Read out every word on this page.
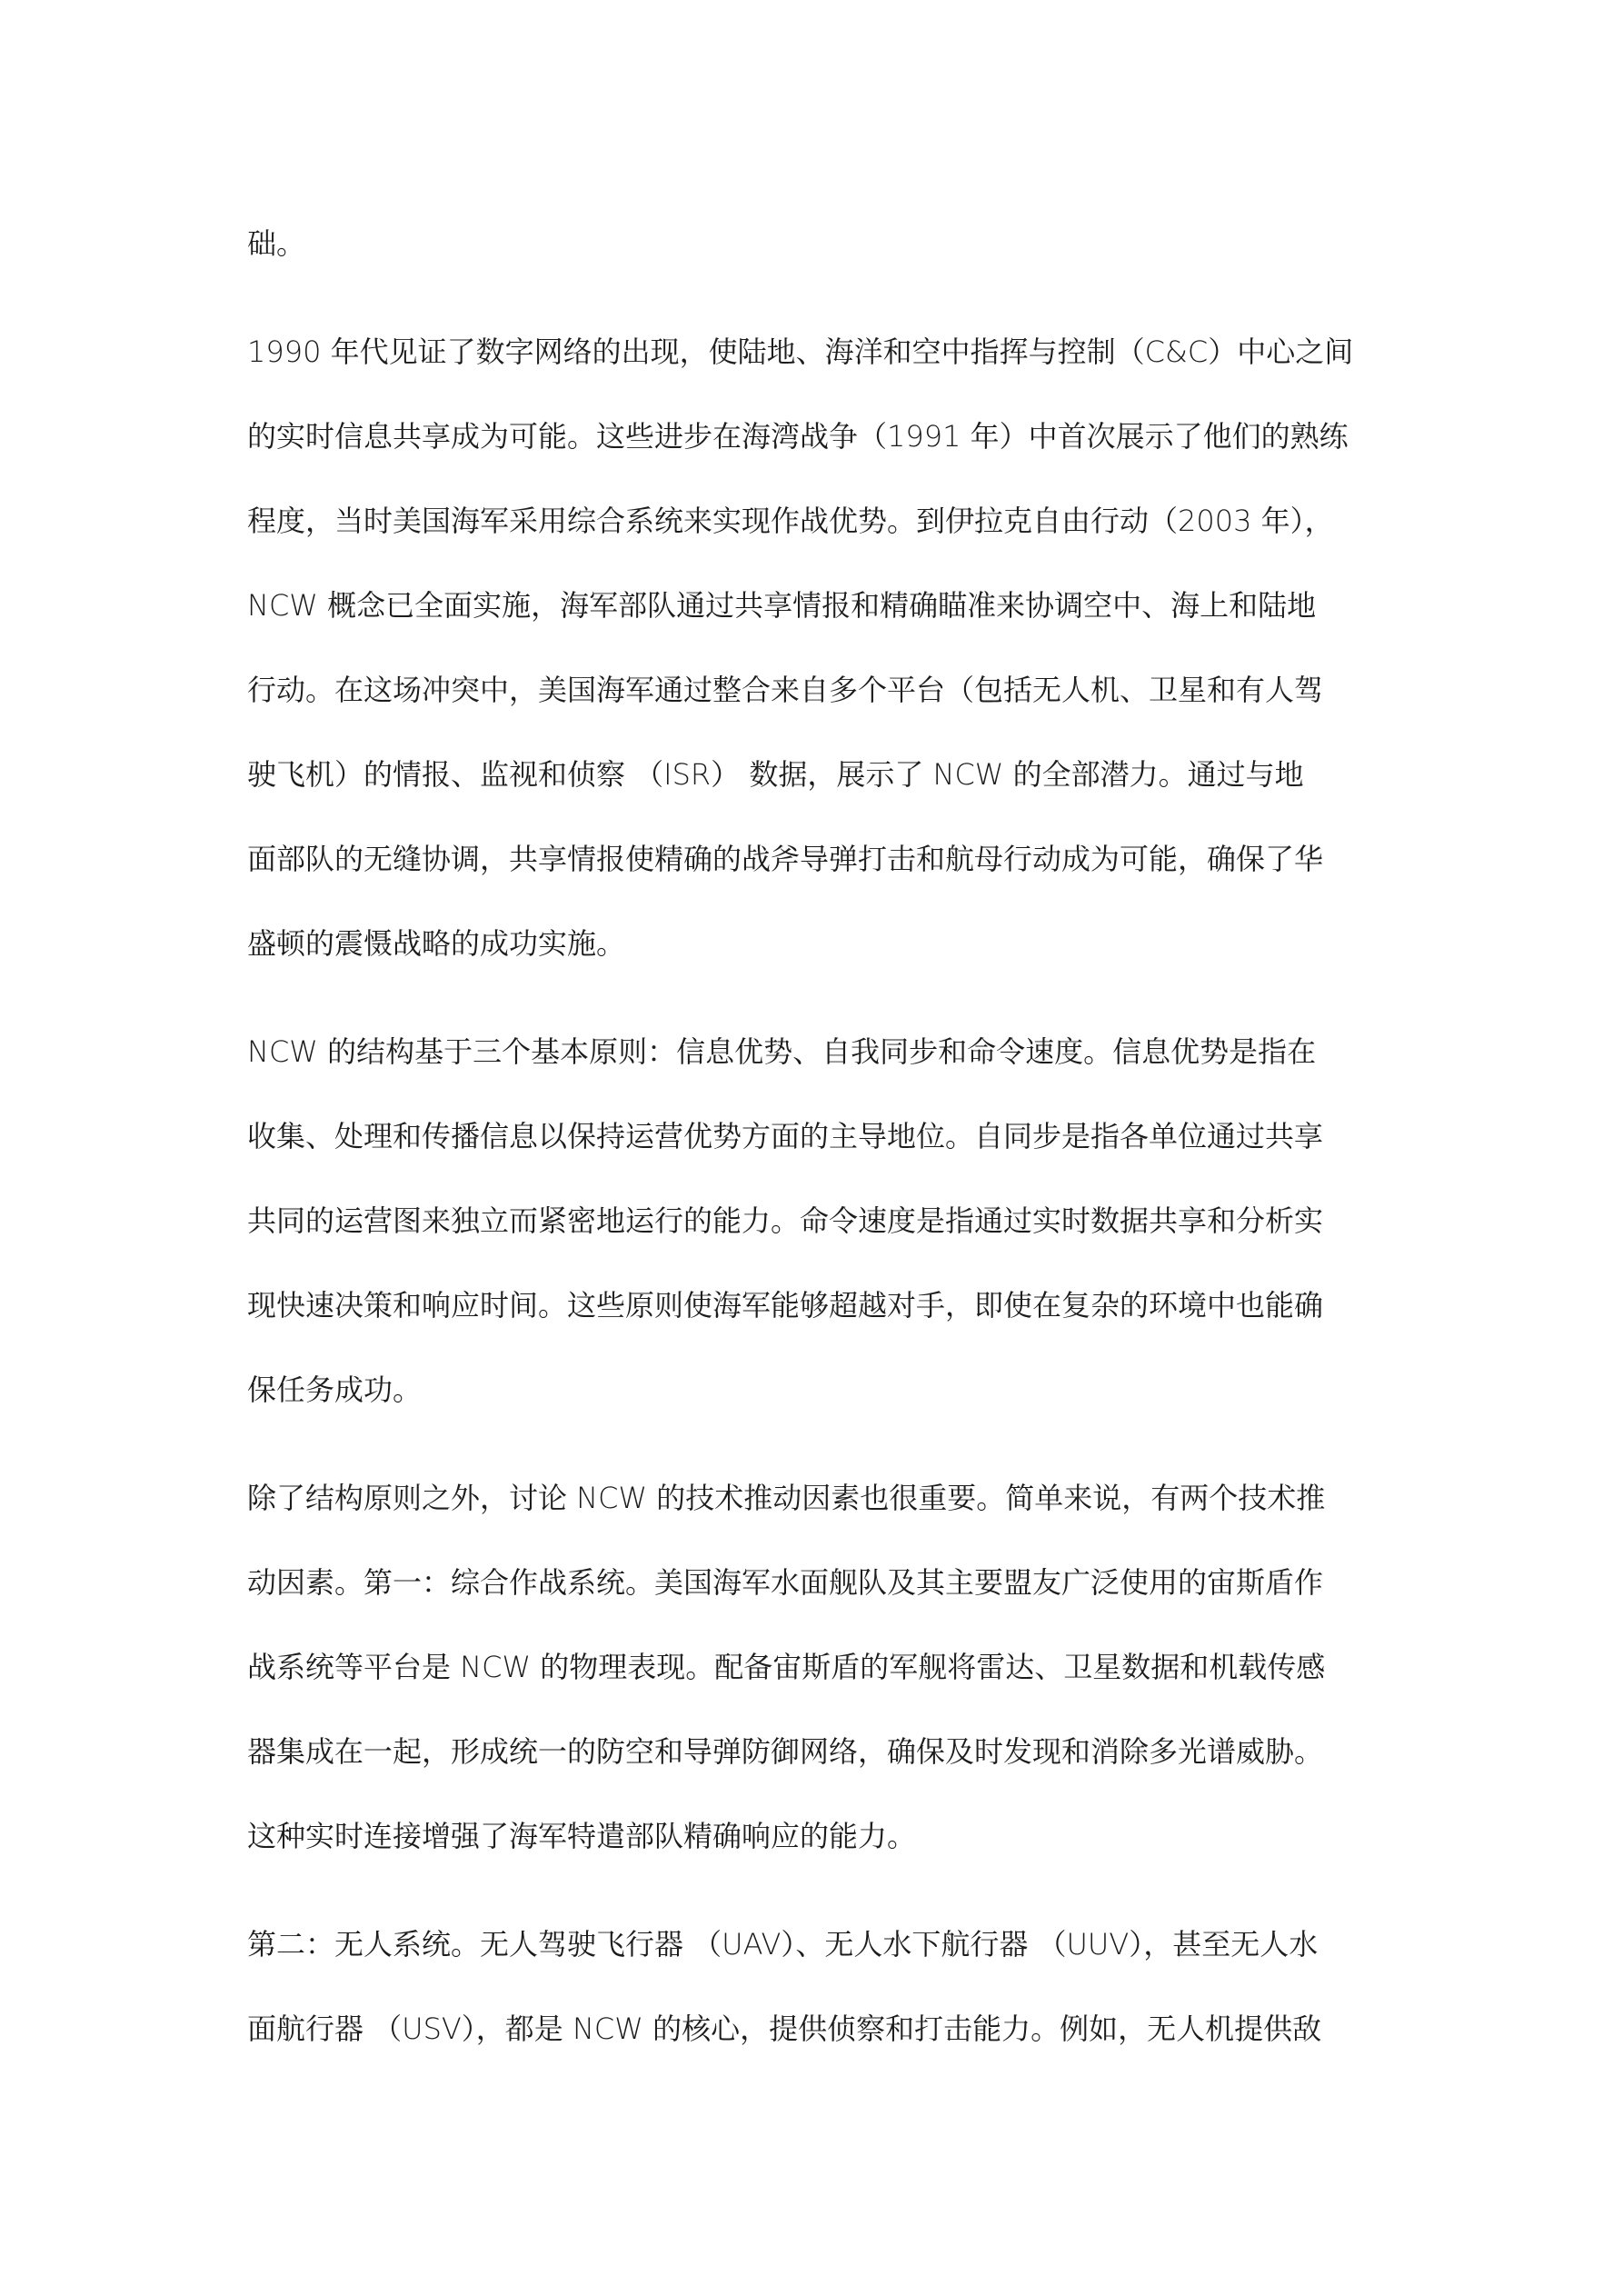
础。

1990 年代见证了数字网络的出现，使陆地、海洋和空中指挥与控制（C&C）中心之间
的实时信息共享成为可能。这些进步在海湾战争（1991 年）中首次展示了他们的熟练
程度，当时美国海军采用综合系统来实现作战优势。到伊拉克自由行动（2003 年），
NCW 概念已全面实施，海军部队通过共享情报和精确瞄准来协调空中、海上和陆地
行动。在这场冲突中，美国海军通过整合来自多个平台（包括无人机、卫星和有人驾
驶飞机）的情报、监视和侦察 （ISR） 数据，展示了 NCW 的全部潜力。通过与地
面部队的无缝协调，共享情报使精确的战斧导弹打击和航母行动成为可能，确保了华
盛顿的震慑战略的成功实施。

NCW 的结构基于三个基本原则：信息优势、自我同步和命令速度。信息优势是指在
收集、处理和传播信息以保持运营优势方面的主导地位。自同步是指各单位通过共享
共同的运营图来独立而紧密地运行的能力。命令速度是指通过实时数据共享和分析实
现快速决策和响应时间。这些原则使海军能够超越对手，即使在复杂的环境中也能确
保任务成功。

除了结构原则之外，讨论 NCW 的技术推动因素也很重要。简单来说，有两个技术推
动因素。第一：综合作战系统。美国海军水面舰队及其主要盟友广泛使用的宙斯盾作
战系统等平台是 NCW 的物理表现。配备宙斯盾的军舰将雷达、卫星数据和机载传感
器集成在一起，形成统一的防空和导弹防御网络，确保及时发现和消除多光谱威胁。
这种实时连接增强了海军特遣部队精确响应的能力。

第二：无人系统。无人驾驶飞行器 （UAV）、无人水下航行器 （UUV），甚至无人水
面航行器 （USV），都是 NCW 的核心，提供侦察和打击能力。例如，无人机提供敌
